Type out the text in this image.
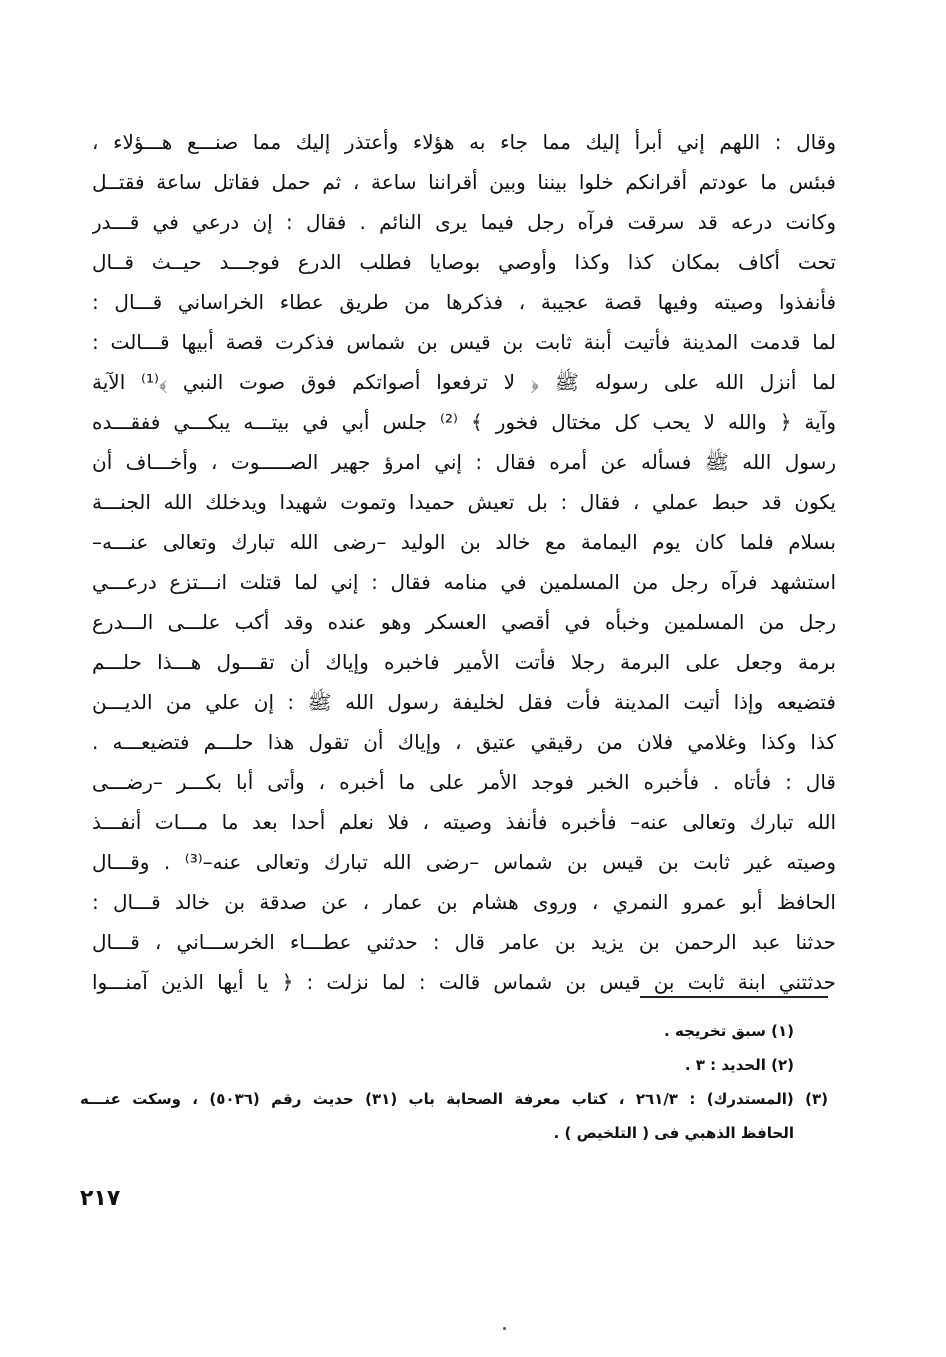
وقال : اللهم إني أبرأ إليك مما جاء به هؤلاء وأعتذر إليك مما صنـــع هـــؤلاء ،
فبئس ما عودتم أقرانكم خلوا بيننا وبين أقراننا ساعة ، ثم حمل فقاتل ساعة فقتــل
وكانت درعه قد سرقت فرآه رجل فيما يرى النائم . فقال : إن درعي في قـــدر
تحت أكاف بمكان كذا وكذا وأوصي بوصايا فطلب الدرع فوجـــد حيــث قــال
فأنفذوا وصيته وفيها قصة عجيبة ، فذكرها من طريق عطاء الخراساني قـــال :
لما قدمت المدينة فأتيت أبنة ثابت بن قيس بن شماس فذكرت قصة أبيها قـــالت :
لما أنزل الله على رسوله ﷺ ﴿ لا ترفعوا أصواتكم فوق صوت النبي ﴾⁽¹⁾ الآية
وآية ﴿ والله لا يحب كل مختال فخور ﴾ ⁽²⁾ جلس أبي في بيتـــه يبكـــي ففقـــده
رسول الله ﷺ فسأله عن أمره فقال : إني امرؤ جهير الصـــــوت ، وأخـــاف أن
يكون قد حبط عملي ، فقال : بل تعيش حميدا وتموت شهيدا ويدخلك الله الجنـــة
بسلام فلما كان يوم اليمامة مع خالد بن الوليد –رضى الله تبارك وتعالى عنـــه–
استشهد فرآه رجل من المسلمين في منامه فقال : إني لما قتلت انـــتزع درعـــي
رجل من المسلمين وخبأه في أقصي العسكر وهو عنده وقد أكب علـــى الـــدرع
برمة وجعل على البرمة رجلا فأتت الأمير فاخبره وإياك أن تقـــول هـــذا حلـــم
فتضيعه وإذا أتيت المدينة فأت فقل لخليفة رسول الله ﷺ : إن علي من الديـــن
كذا وكذا وغلامي فلان من رقيقي عتيق ، وإياك أن تقول هذا حلـــم فتضيعـــه .
قال : فأتاه . فأخبره الخبر فوجد الأمر على ما أخبره ، وأتى أبا بكـــر –رضـــى
الله تبارك وتعالى عنه– فأخبره فأنفذ وصيته ، فلا نعلم أحدا بعد ما مـــات أنفـــذ
وصيته غير ثابت بن قيس بن شماس –رضى الله تبارك وتعالى عنه–⁽³⁾ . وقـــال
الحافظ أبو عمرو النمري ، وروى هشام بن عمار ، عن صدقة بن خالد قـــال :
حدثنا عبد الرحمن بن يزيد بن عامر قال : حدثني عطـــاء الخرســـاني ، قـــال
حدثتني ابنة ثابت بن قيس بن شماس قالت : لما نزلت : ﴿ يا أيها الذين آمنـــوا
(١) سبق تخريجه .
(٢) الحديد : ٣ .
(٣) (المستدرك) : ٢٦١/٣ ، كتاب معرفة الصحابة باب (٣١) حديث رقم (٥٠٣٦) ، وسكت عنـــه
الحافظ الذهبي فى ( التلخيص ) .
٢١٧
